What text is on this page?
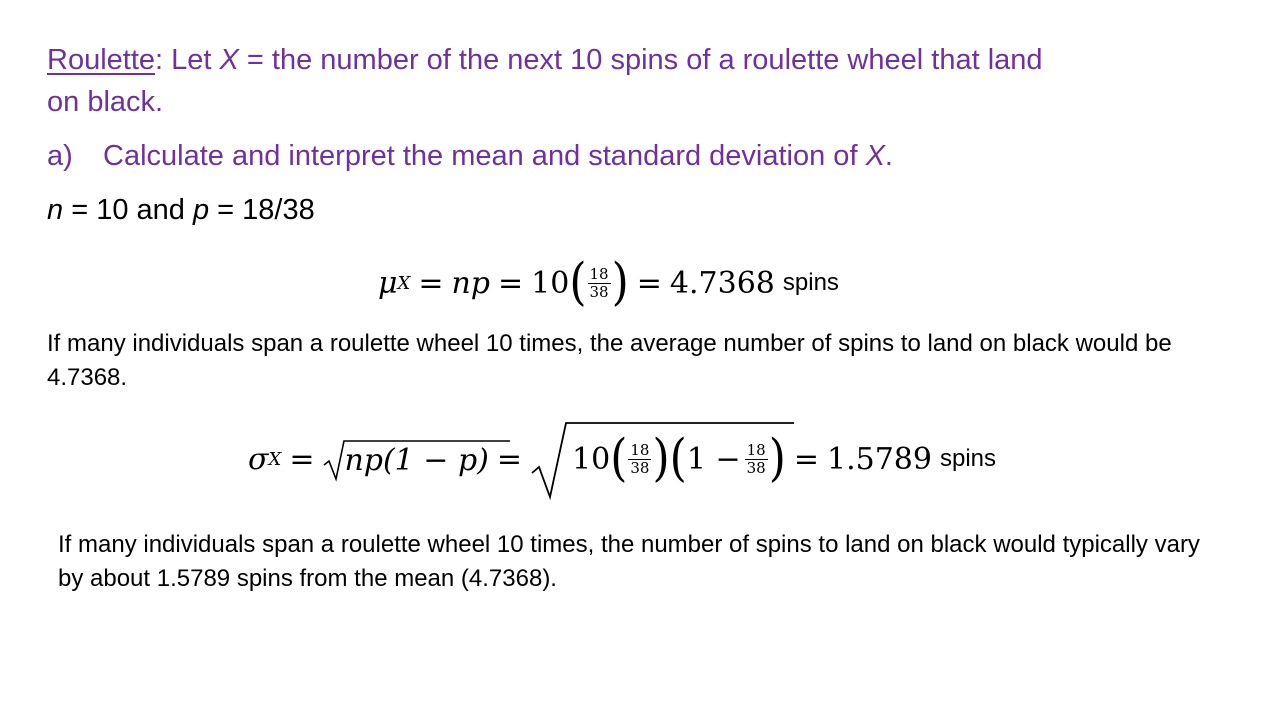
Roulette: Let X = the number of the next 10 spins of a roulette wheel that land
on black.
a) Calculate and interpret the mean and standard deviation of X.
n = 10 and p = 18/38
μ X = np = 10 ( $\frac{18}{38}$ ) = 4.7368 spins
If many individuals span a roulette wheel 10 times, the average number of spins to land on black would be 4.7368.
σ X =	np(1 − p) = 10 ( $\frac{18}{38}$ ) ( $1 - \frac{18}{38}$ ) = 1.5789 spins
If many individuals span a roulette wheel 10 times, the number of spins to land on black would typically vary by about 1.5789 spins from the mean (4.7368).
